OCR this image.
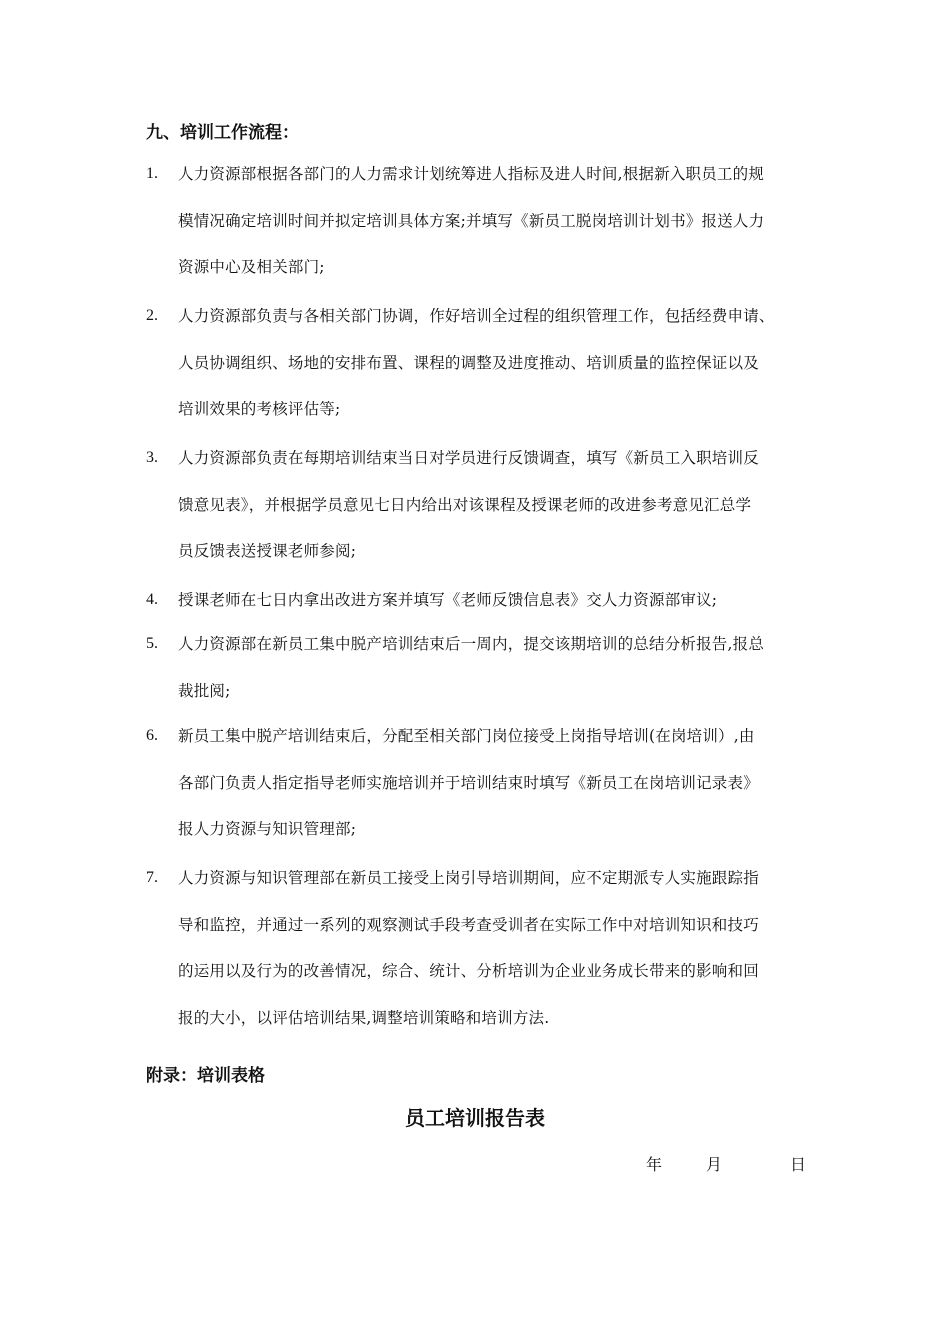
九、培训工作流程：
1. 人力资源部根据各部门的人力需求计划统筹进人指标及进人时间,根据新入职员工的规
模情况确定培训时间并拟定培训具体方案;并填写《新员工脱岗培训计划书》报送人力
资源中心及相关部门;
2. 人力资源部负责与各相关部门协调，作好培训全过程的组织管理工作，包括经费申请、
人员协调组织、场地的安排布置、课程的调整及进度推动、培训质量的监控保证以及
培训效果的考核评估等;
3. 人力资源部负责在每期培训结束当日对学员进行反馈调查，填写《新员工入职培训反
馈意见表》，并根据学员意见七日内给出对该课程及授课老师的改进参考意见汇总学
员反馈表送授课老师参阅;
4. 授课老师在七日内拿出改进方案并填写《老师反馈信息表》交人力资源部审议;
5. 人力资源部在新员工集中脱产培训结束后一周内，提交该期培训的总结分析报告,报总
裁批阅;
6. 新员工集中脱产培训结束后，分配至相关部门岗位接受上岗指导培训(在岗培训）,由
各部门负责人指定指导老师实施培训并于培训结束时填写《新员工在岗培训记录表》
报人力资源与知识管理部;
7. 人力资源与知识管理部在新员工接受上岗引导培训期间，应不定期派专人实施跟踪指
导和监控，并通过一系列的观察测试手段考查受训者在实际工作中对培训知识和技巧
的运用以及行为的改善情况，综合、统计、分析培训为企业业务成长带来的影响和回
报的大小，以评估培训结果,调整培训策略和培训方法.
附录：培训表格
员工培训报告表
年	月	日
